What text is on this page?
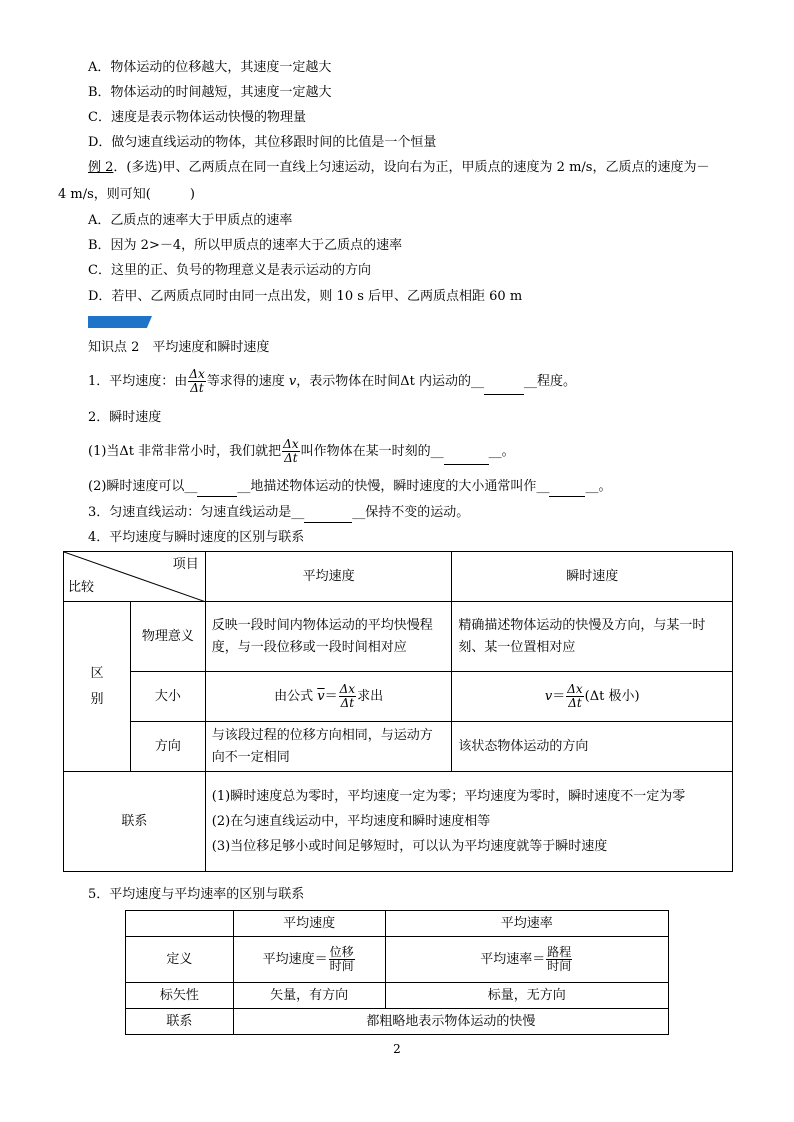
A．物体运动的位移越大，其速度一定越大
B．物体运动的时间越短，其速度一定越大
C．速度是表示物体运动快慢的物理量
D．做匀速直线运动的物体，其位移跟时间的比值是一个恒量
例 2．(多选)甲、乙两质点在同一直线上匀速运动，设向右为正，甲质点的速度为 2 m/s，乙质点的速度为－
4 m/s，则可知(　　　)
A．乙质点的速率大于甲质点的速率
B．因为 2>－4，所以甲质点的速率大于乙质点的速率
C．这里的正、负号的物理意义是表示运动的方向
D．若甲、乙两质点同时由同一点出发，则 10 s 后甲、乙两质点相距 60 m
知识点 2　平均速度和瞬时速度
1．平均速度：由 $\frac{\Delta x}{\Delta t}$ 等求得的速度 v，表示物体在时间Δt 内运动的__	__程度。
2．瞬时速度
(1)当Δt 非常非常小时，我们就把 $\frac{\Delta x}{\Delta t}$ 叫作物体在某一时刻的__	__。
(2)瞬时速度可以__	__地描述物体运动的快慢，瞬时速度的大小通常叫作__	__。
3．匀速直线运动：匀速直线运动是__	__保持不变的运动。
4．平均速度与瞬时速度的区别与联系
项目
比较		平均速度	瞬时速度
区
别	物理意义	反映一段时间内物体运动的平均快慢程度，与一段位移或一段时间相对应	精确描述物体运动的快慢及方向，与某一时刻、某一位置相对应
	大小	由公式 $\overline{v}= \frac{\Delta x}{\Delta t}$ 求出	$v= \frac{\Delta x}{\Delta t} (\Delta t$ 极小)
	方向	与该段过程的位移方向相同，与运动方向不一定相同	该状态物体运动的方向
联系		(1)瞬时速度总为零时，平均速度一定为零；平均速度为零时，瞬时速度不一定为零
(2)在匀速直线运动中，平均速度和瞬时速度相等
(3)当位移足够小或时间足够短时，可以认为平均速度就等于瞬时速度	
5．平均速度与平均速率的区别与联系
	平均速度	平均速率
定义	平均速度＝ $\frac{\text{位移}}{\text{时间}}$	平均速率＝ $\frac{\text{路程}}{\text{时间}}$

标矢性	矢量，有方向	标量，无方向
联系	都粗略地表示物体运动的快慢	
2
